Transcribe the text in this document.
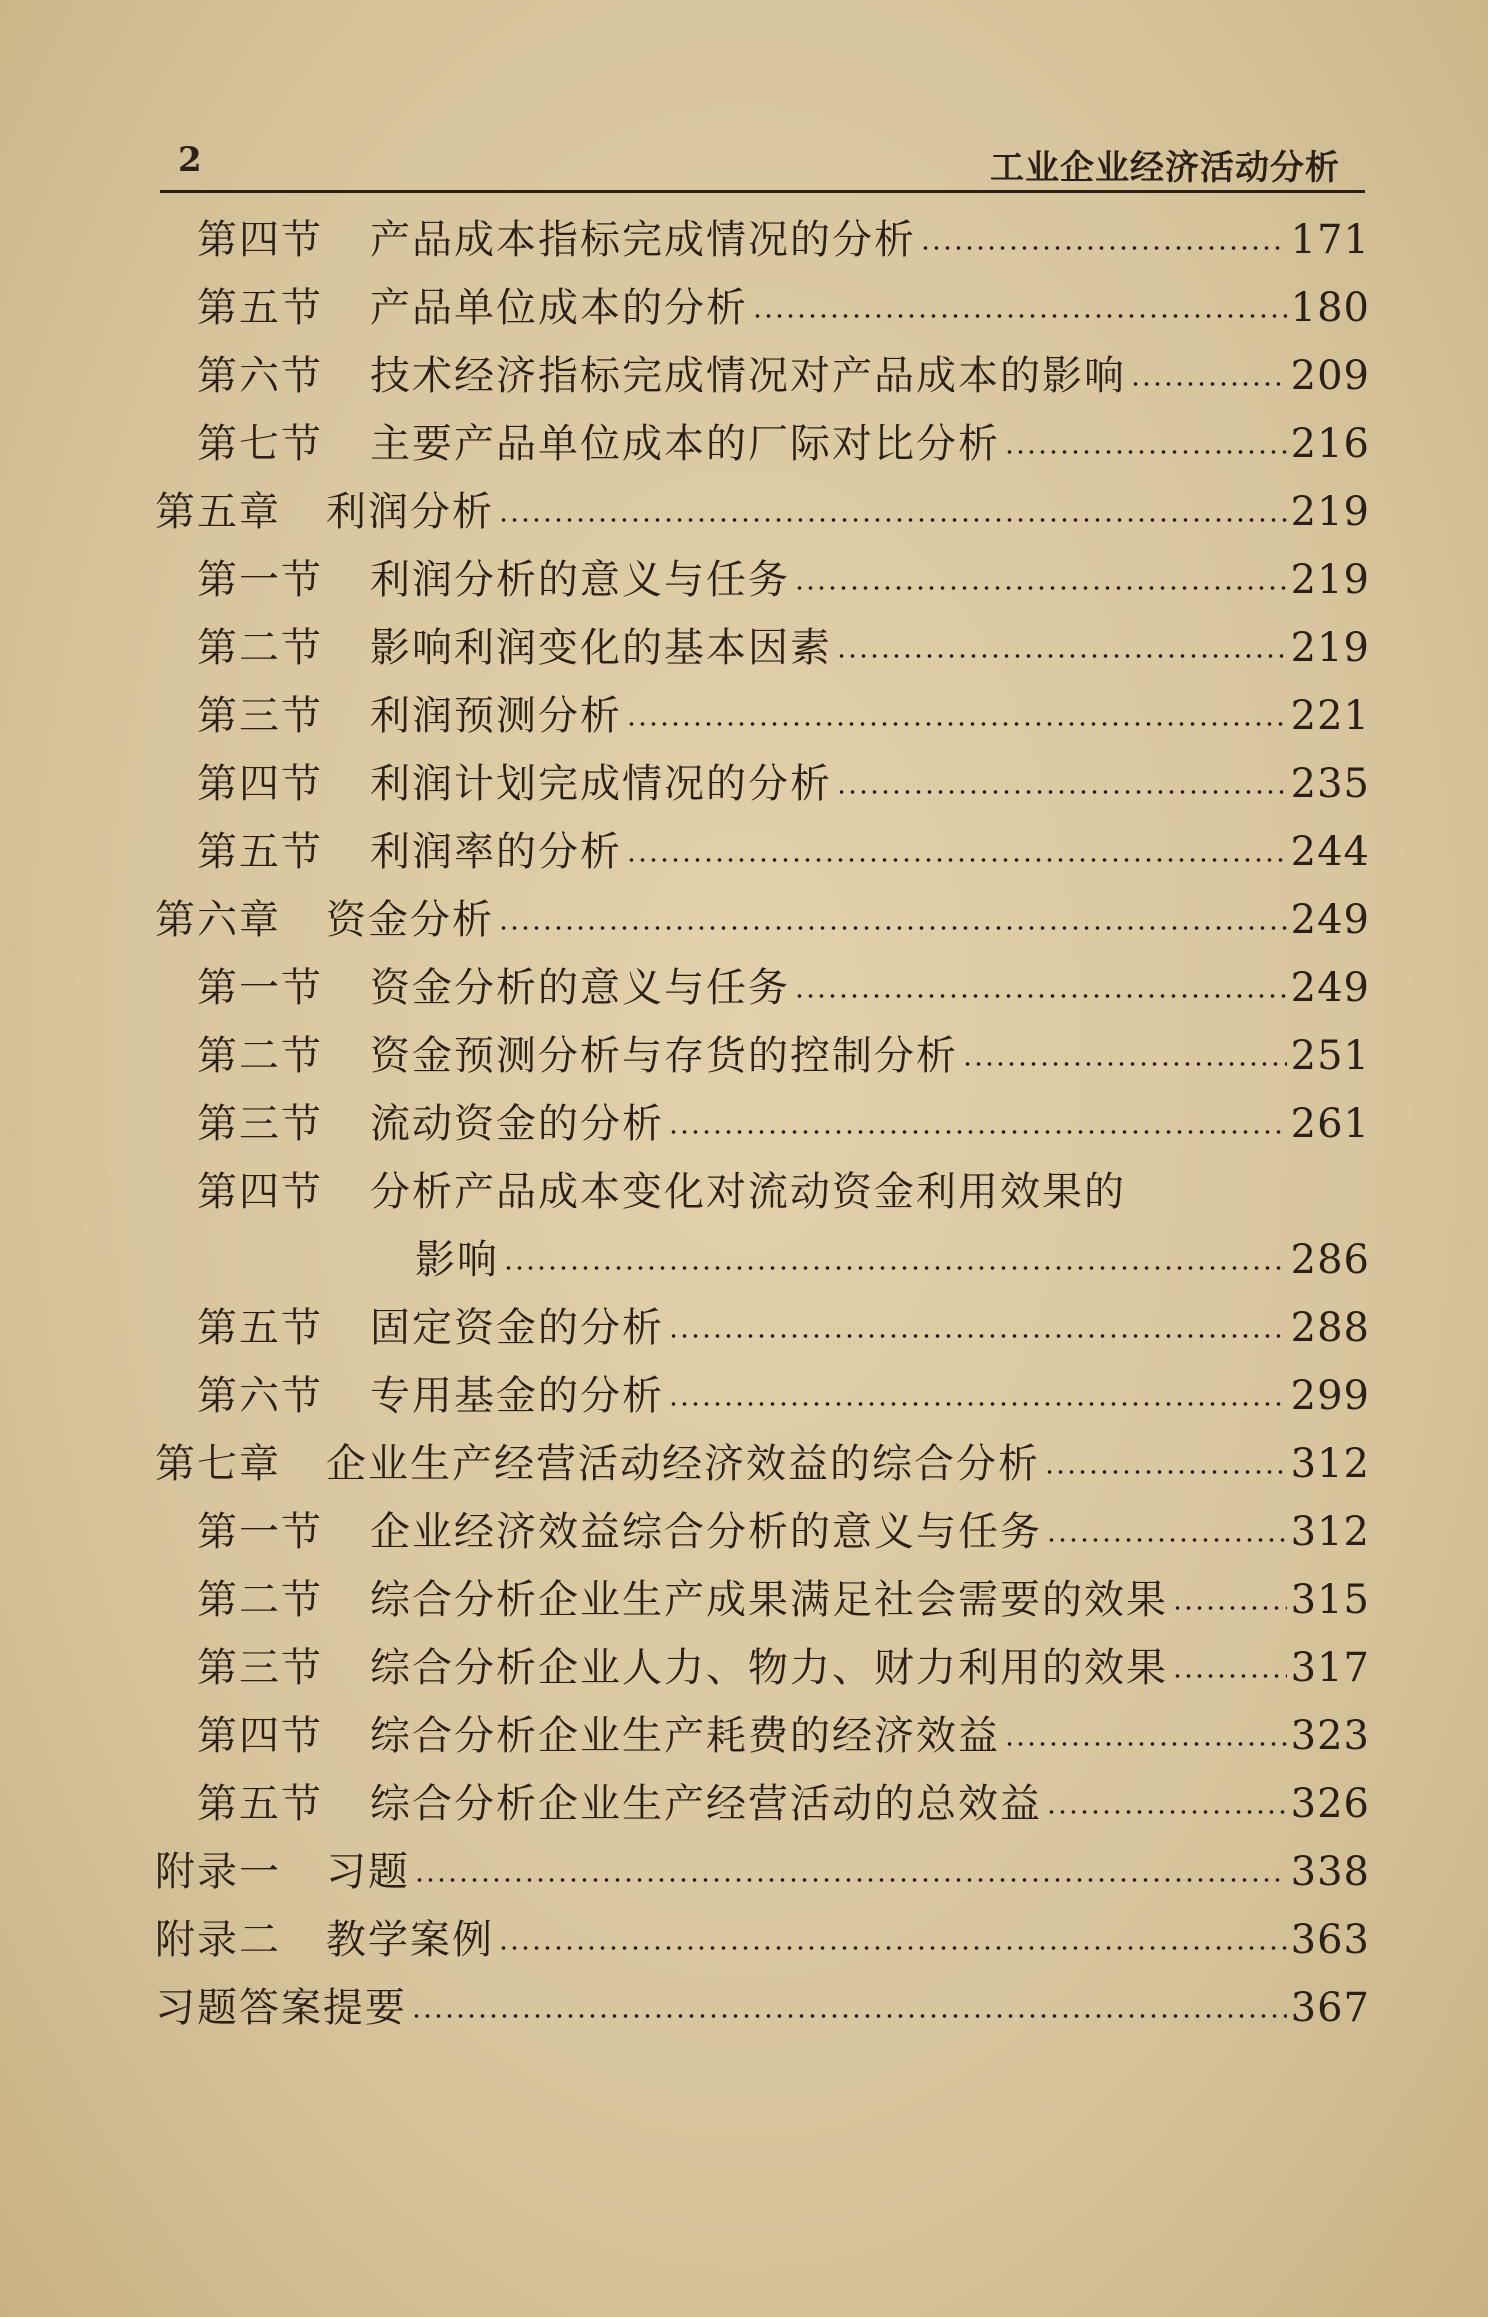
2	工业企业经济活动分析
第四节 产品成本指标完成情况的分析	171
第五节 产品单位成本的分析	180
第六节 技术经济指标完成情况对产品成本的影响	209
第七节 主要产品单位成本的厂际对比分析	216
第五章 利润分析	219
第一节 利润分析的意义与任务	219
第二节 影响利润变化的基本因素	219
第三节 利润预测分析	221
第四节 利润计划完成情况的分析	235
第五节 利润率的分析	244
第六章 资金分析	249
第一节 资金分析的意义与任务	249
第二节 资金预测分析与存货的控制分析	251
第三节 流动资金的分析	261
第四节 分析产品成本变化对流动资金利用效果的
影响	286
第五节 固定资金的分析	288
第六节 专用基金的分析	299
第七章 企业生产经营活动经济效益的综合分析	312
第一节 企业经济效益综合分析的意义与任务	312
第二节 综合分析企业生产成果满足社会需要的效果	315
第三节 综合分析企业人力、物力、财力利用的效果	317
第四节 综合分析企业生产耗费的经济效益	323
第五节 综合分析企业生产经营活动的总效益	326
附录一 习题	338
附录二 教学案例	363
习题答案提要	367
